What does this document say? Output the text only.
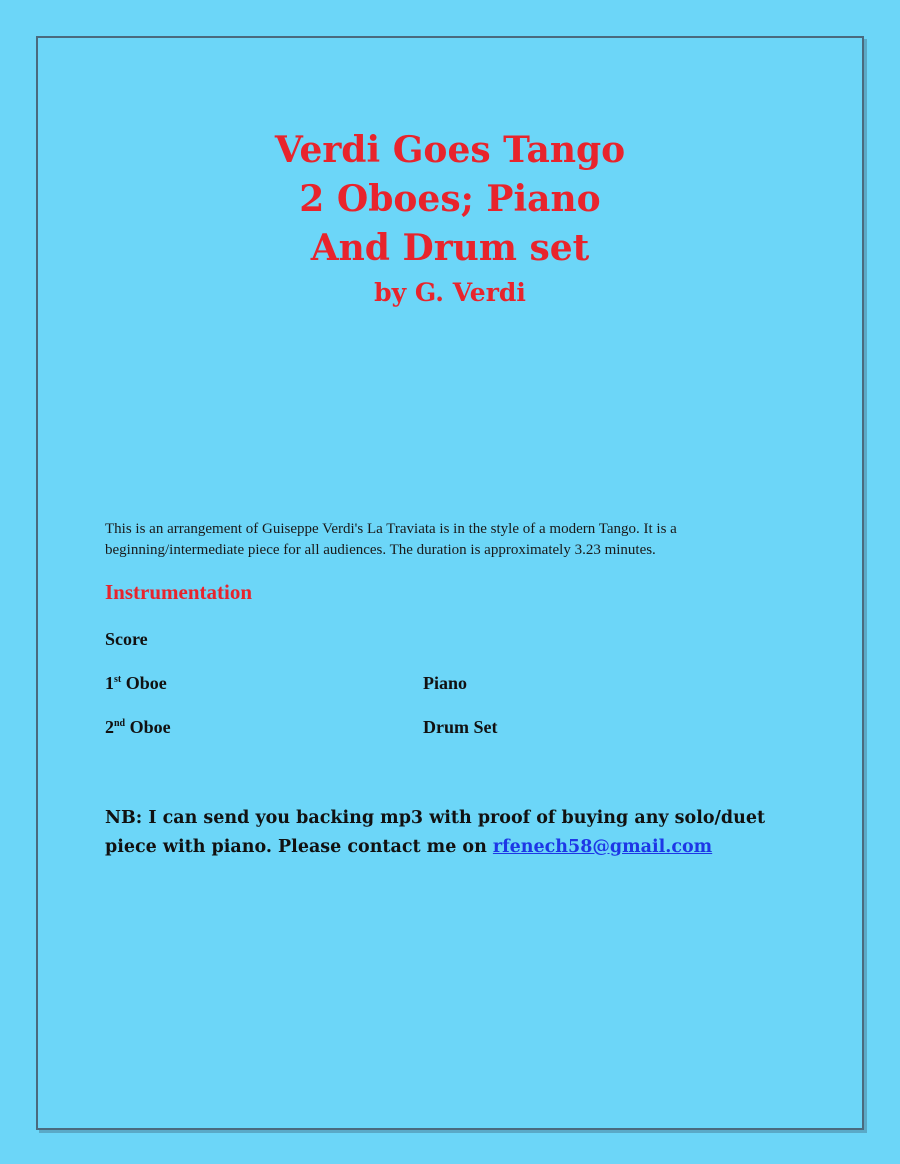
Verdi Goes Tango
2 Oboes; Piano
And Drum set
by G. Verdi
This is an arrangement of Guiseppe Verdi's La Traviata is in the style of a modern Tango. It is a beginning/intermediate piece for all audiences. The duration is approximately 3.23 minutes.
Instrumentation
Score
1st Oboe	Piano
2nd Oboe	Drum Set
NB: I can send you backing mp3 with proof of buying any solo/duet piece with piano. Please contact me on rfenech58@gmail.com
